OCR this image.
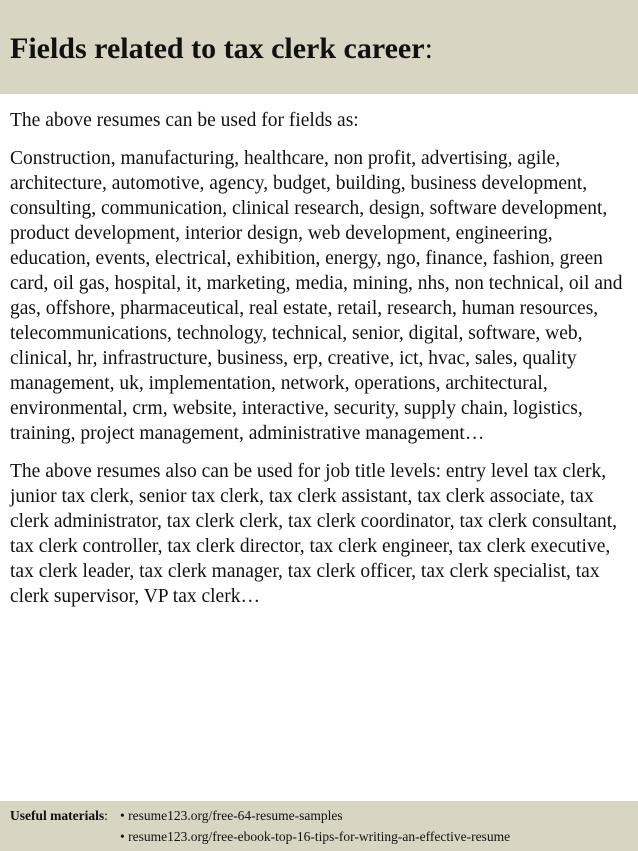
Fields related to tax clerk career:

The above resumes can be used for fields as:

Construction, manufacturing, healthcare, non profit, advertising, agile, architecture, automotive, agency, budget, building, business development, consulting, communication, clinical research, design, software development, product development, interior design, web development, engineering, education, events, electrical, exhibition, energy, ngo, finance, fashion, green card, oil gas, hospital, it, marketing, media, mining, nhs, non technical, oil and gas, offshore, pharmaceutical, real estate, retail, research, human resources, telecommunications, technology, technical, senior, digital, software, web, clinical, hr, infrastructure, business, erp, creative, ict, hvac, sales, quality management, uk, implementation, network, operations, architectural, environmental, crm, website, interactive, security, supply chain, logistics, training, project management, administrative management…

The above resumes also can be used for job title levels: entry level tax clerk, junior tax clerk, senior tax clerk, tax clerk assistant, tax clerk associate, tax clerk administrator, tax clerk clerk, tax clerk coordinator, tax clerk consultant, tax clerk controller, tax clerk director, tax clerk engineer, tax clerk executive, tax clerk leader, tax clerk manager, tax clerk officer, tax clerk specialist, tax clerk supervisor, VP tax clerk…

Useful materials: • resume123.org/free-64-resume-samples
• resume123.org/free-ebook-top-16-tips-for-writing-an-effective-resume
